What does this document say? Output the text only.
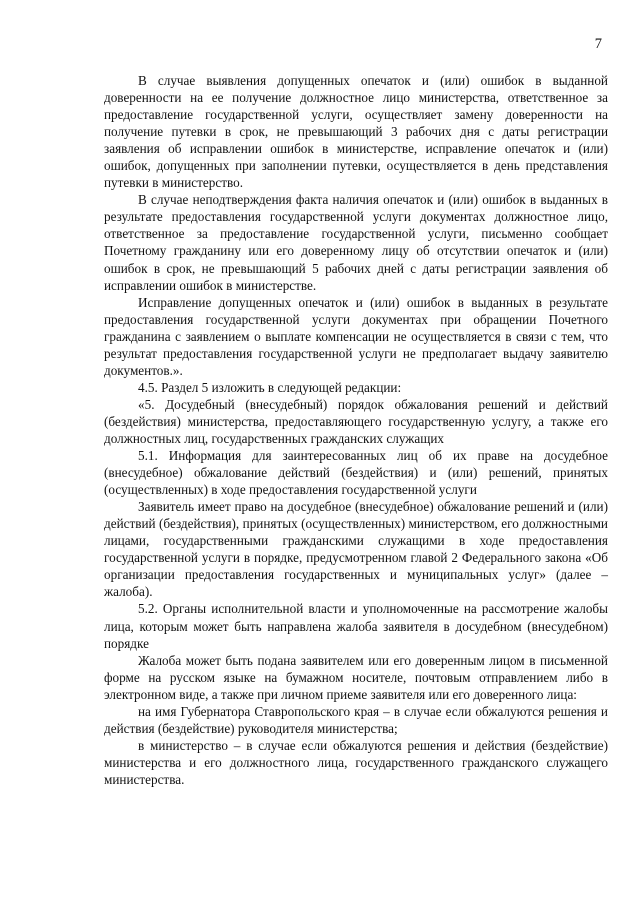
7

В случае выявления допущенных опечаток и (или) ошибок в выданной доверенности на ее получение должностное лицо министерства, ответственное за предоставление государственной услуги, осуществляет замену доверенности на получение путевки в срок, не превышающий 3 рабочих дня с даты регистрации заявления об исправлении ошибок в министерстве, исправление опечаток и (или) ошибок, допущенных при заполнении путевки, осуществляется в день представления путевки в министерство.

В случае неподтверждения факта наличия опечаток и (или) ошибок в выданных в результате предоставления государственной услуги документах должностное лицо, ответственное за предоставление государственной услуги, письменно сообщает Почетному гражданину или его доверенному лицу об отсутствии опечаток и (или) ошибок в срок, не превышающий 5 рабочих дней с даты регистрации заявления об исправлении ошибок в министерстве.

Исправление допущенных опечаток и (или) ошибок в выданных в результате предоставления государственной услуги документах при обращении Почетного гражданина с заявлением о выплате компенсации не осуществляется в связи с тем, что результат предоставления государственной услуги не предполагает выдачу заявителю документов.».

4.5. Раздел 5 изложить в следующей редакции:

«5. Досудебный (внесудебный) порядок обжалования решений и действий (бездействия) министерства, предоставляющего государственную услугу, а также его должностных лиц, государственных гражданских служащих

5.1. Информация для заинтересованных лиц об их праве на досудебное (внесудебное) обжалование действий (бездействия) и (или) решений, принятых (осуществленных) в ходе предоставления государственной услуги

Заявитель имеет право на досудебное (внесудебное) обжалование решений и (или) действий (бездействия), принятых (осуществленных) министерством, его должностными лицами, государственными гражданскими служащими в ходе предоставления государственной услуги в порядке, предусмотренном главой 2 Федерального закона «Об организации предоставления государственных и муниципальных услуг» (далее – жалоба).

5.2. Органы исполнительной власти и уполномоченные на рассмотрение жалобы лица, которым может быть направлена жалоба заявителя в досудебном (внесудебном) порядке

Жалоба может быть подана заявителем или его доверенным лицом в письменной форме на русском языке на бумажном носителе, почтовым отправлением либо в электронном виде, а также при личном приеме заявителя или его доверенного лица:

на имя Губернатора Ставропольского края – в случае если обжалуются решения и действия (бездействие) руководителя министерства;

в министерство – в случае если обжалуются решения и действия (бездействие) министерства и его должностного лица, государственного гражданского служащего министерства.
